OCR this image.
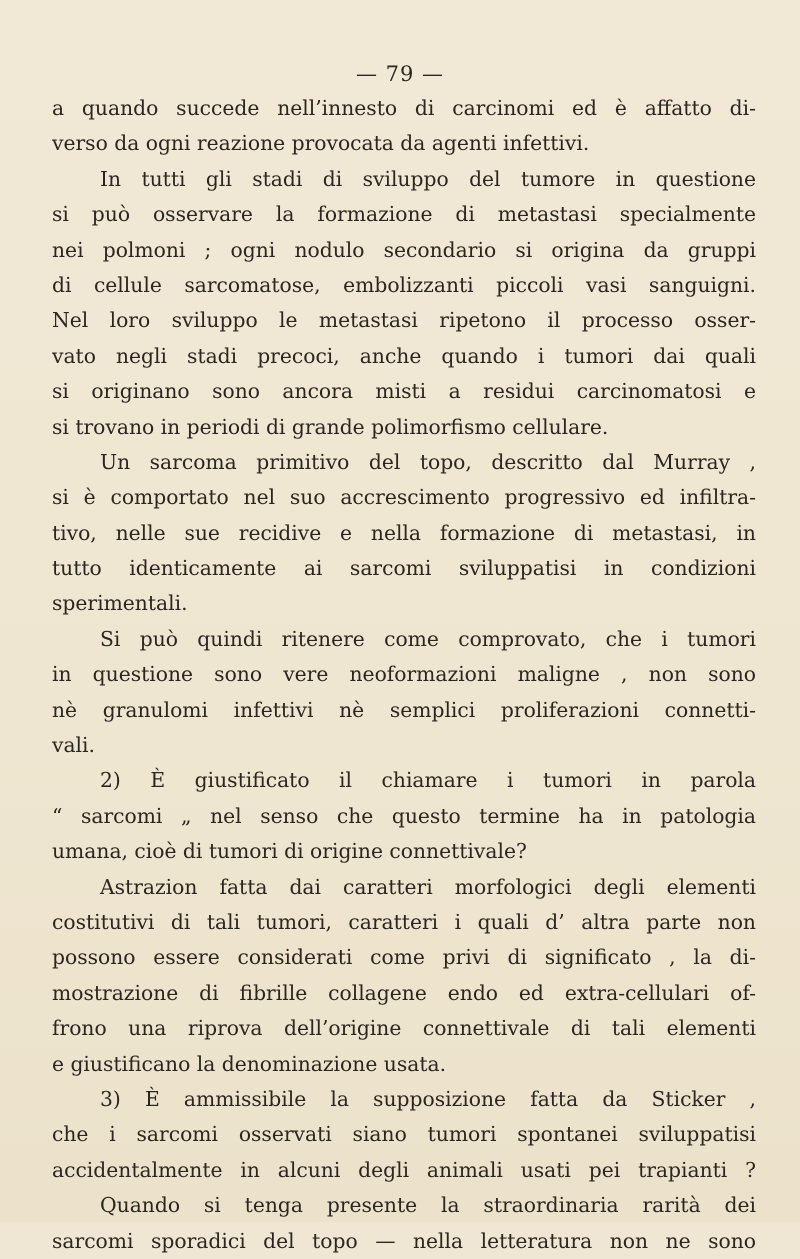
— 79 —
a quando succede nell’innesto di carcinomi ed è affatto di-
verso da ogni reazione provocata da agenti infettivi.
In tutti gli stadi di sviluppo del tumore in questione
si può osservare la formazione di metastasi specialmente
nei polmoni ; ogni nodulo secondario si origina da gruppi
di cellule sarcomatose, embolizzanti piccoli vasi sanguigni.
Nel loro sviluppo le metastasi ripetono il processo osser-
vato negli stadi precoci, anche quando i tumori dai quali
si originano sono ancora misti a residui carcinomatosi e
si trovano in periodi di grande polimorfismo cellulare.
Un sarcoma primitivo del topo, descritto dal Murray ,
si è comportato nel suo accrescimento progressivo ed infiltra-
tivo, nelle sue recidive e nella formazione di metastasi, in
tutto identicamente ai sarcomi sviluppatisi in condizioni
sperimentali.
Si può quindi ritenere come comprovato, che i tumori
in questione sono vere neoformazioni maligne , non sono
nè granulomi infettivi nè semplici proliferazioni connetti-
vali.
2) È giustificato il chiamare i tumori in parola
“ sarcomi „ nel senso che questo termine ha in patologia
umana, cioè di tumori di origine connettivale?
Astrazion fatta dai caratteri morfologici degli elementi
costitutivi di tali tumori, caratteri i quali d’ altra parte non
possono essere considerati come privi di significato , la di-
mostrazione di fibrille collagene endo ed extra-cellulari of-
frono una riprova dell’origine connettivale di tali elementi
e giustificano la denominazione usata.
3) È ammissibile la supposizione fatta da Sticker ,
che i sarcomi osservati siano tumori spontanei sviluppatisi
accidentalmente in alcuni degli animali usati pei trapianti ?
Quando si tenga presente la straordinaria rarità dei
sarcomi sporadici del topo — nella letteratura non ne sono
